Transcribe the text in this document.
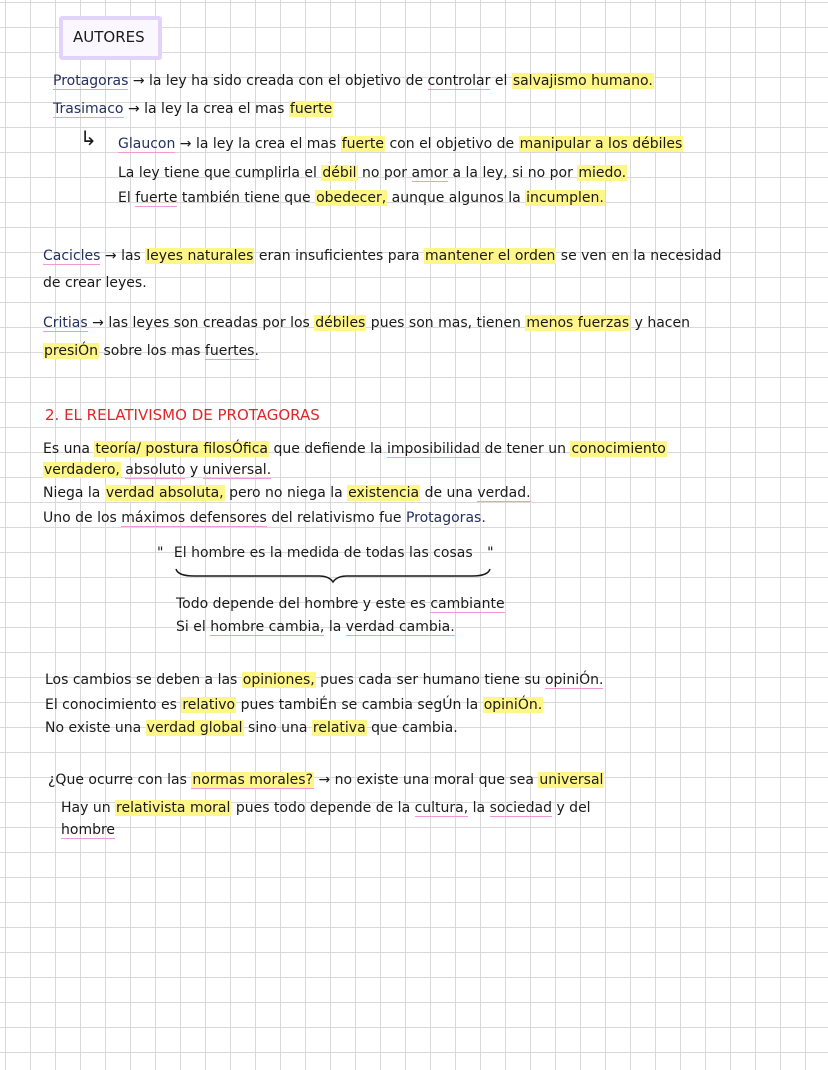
AUTORES
Protagoras → la ley ha sido creada con el objetivo de controlar el salvajismo humano.
Trasimaco → la ley la crea el mas fuerte
↳ Glaucon → la ley la crea el mas fuerte con el objetivo de manipular a los débiles
La ley tiene que cumplirla el débil no por amor a la ley, si no por miedo.
El fuerte también tiene que obedecer, aunque algunos la incumplen.
Cacicles → las leyes naturales eran insuficientes para mantener el orden se ven en la necesidad
de crear leyes.
Critias → las leyes son creadas por los débiles pues son mas, tienen menos fuerzas y hacen
presiÓn sobre los mas fuertes.
2. EL RELATIVISMO DE PROTAGORAS
Es una teoría/ postura filosÓfica que defiende la imposibilidad de tener un conocimiento
verdadero, absoluto y universal.
Niega la verdad absoluta, pero no niega la existencia de una verdad.
Uno de los máximos defensores del relativismo fue Protagoras.
" El hombre es la medida de todas las cosas "
Todo depende del hombre y este es cambiante
Si el hombre cambia, la verdad cambia.
Los cambios se deben a las opiniones, pues cada ser humano tiene su opiniÓn.
El conocimiento es relativo pues tambiÉn se cambia segÚn la opiniÓn.
No existe una verdad global sino una relativa que cambia.
¿Que ocurre con las normas morales? → no existe una moral que sea universal
Hay un relativista moral pues todo depende de la cultura, la sociedad y del
hombre
